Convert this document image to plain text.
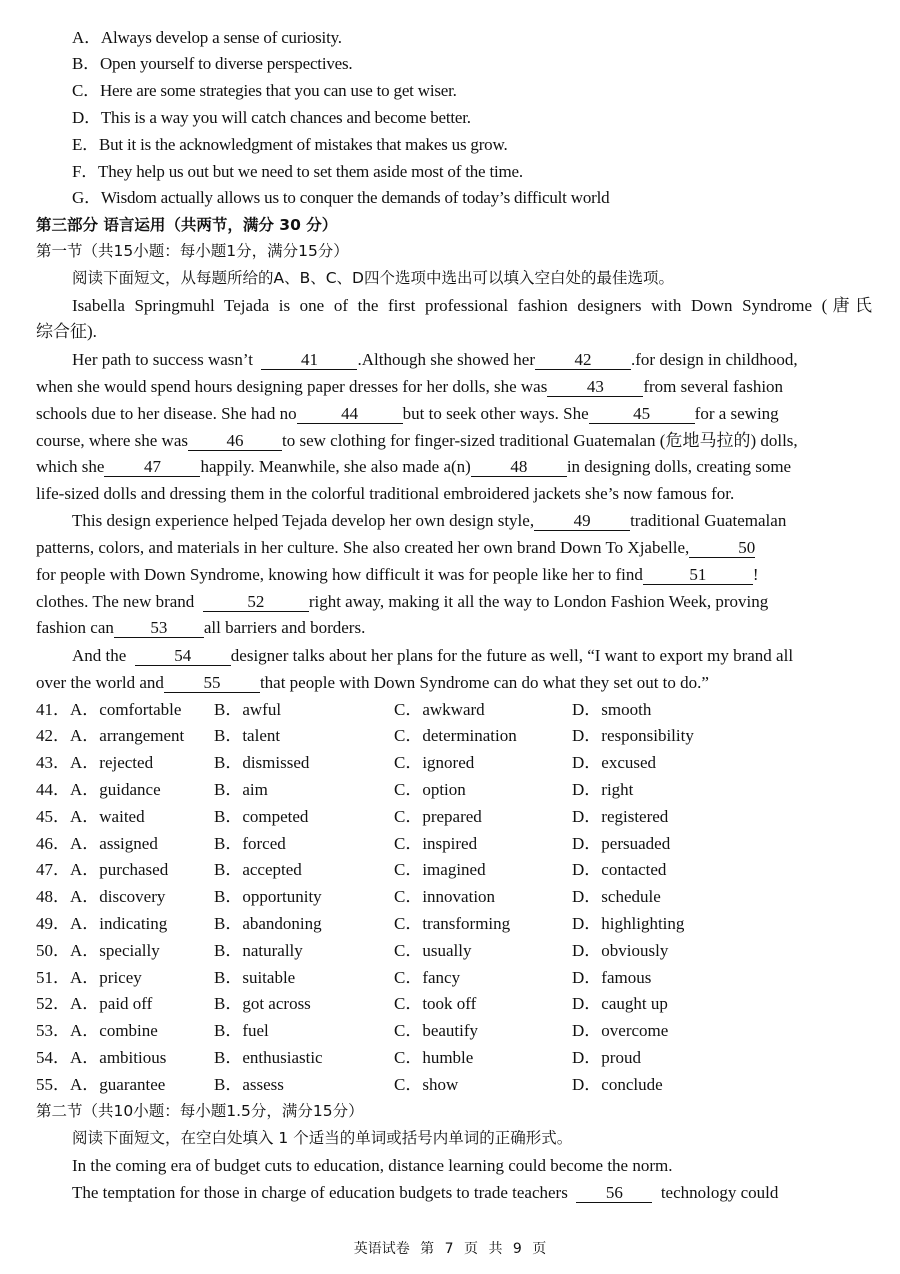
A．Always develop a sense of curiosity.
B．Open yourself to diverse perspectives.
C．Here are some strategies that you can use to get wiser.
D．This is a way you will catch chances and become better.
E．But it is the acknowledgment of mistakes that makes us grow.
F．They help us out but we need to set them aside most of the time.
G．Wisdom actually allows us to conquer the demands of today’s difficult world
第三部分 语言运用（共两节，满分 30 分）
第一节（共15小题：每小题1分，满分15分）
阅读下面短文，从每题所给的A、B、C、D四个选项中选出可以填入空白处的最佳选项。
Isabella Springmuhl Tejada is one of the first professional fashion designers with Down Syndrome (唐氏
综合征).
Her path to success wasn’t	41 .Although she showed her 42 .for design in childhood,
when she would spend hours designing paper dresses for her dolls, she was 43 from several fashion
schools due to her disease. She had no	44	but to seek other ways. She	45	for a sewing
course, where she was 46 to sew clothing for finger-sized traditional Guatemalan (危地马拉的) dolls,
which she 47 happily. Meanwhile, she also made a(n) 48 in designing dolls, creating some
life-sized dolls and dressing them in the colorful traditional embroidered jackets she’s now famous for.
This design experience helped Tejada develop her own design style, 49 traditional Guatemalan
patterns, colors, and materials in her culture. She also created her own brand Down To Xjabelle,	50
for people with Down Syndrome, knowing how difficult it was for people like her to find	51	!
clothes. The new brand	52	right away, making it all the way to London Fashion Week, proving
fashion can 53 all barriers and borders.
And the	54 designer talks about her plans for the future as well, “I want to export my brand all
over the world and 55 that people with Down Syndrome can do what they set out to do.”
41． A．comfortable B．awful	C．awkward	D．smooth
42． A．arrangement B．talent	C．determination	D．responsibility
43． A．rejected	B．dismissed	C．ignored	D．excused
44． A．guidance	B．aim	C．option	D．right
45． A．waited	B．competed	C．prepared	D．registered
46． A．assigned	B．forced	C．inspired	D．persuaded
47． A．purchased	B．accepted	C．imagined	D．contacted
48． A．discovery	B．opportunity	C．innovation	D．schedule
49． A．indicating	B．abandoning	C．transforming	D．highlighting
50． A．specially	B．naturally	C．usually	D．obviously
51． A．pricey	B．suitable	C．fancy	D．famous
52． A．paid off	B．got across	C．took off	D．caught up
53． A．combine	B．fuel	C．beautify	D．overcome
54． A．ambitious	B．enthusiastic	C．humble	D．proud
55． A．guarantee	B．assess	C．show	D．conclude
第二节（共10小题：每小题1.5分，满分15分）
阅读下面短文，在空白处填入 1 个适当的单词或括号内单词的正确形式。
In the coming era of budget cuts to education, distance learning could become the norm.
The temptation for those in charge of education budgets to trade teachers 56 technology could
英语试卷 第 7 页 共 9 页
